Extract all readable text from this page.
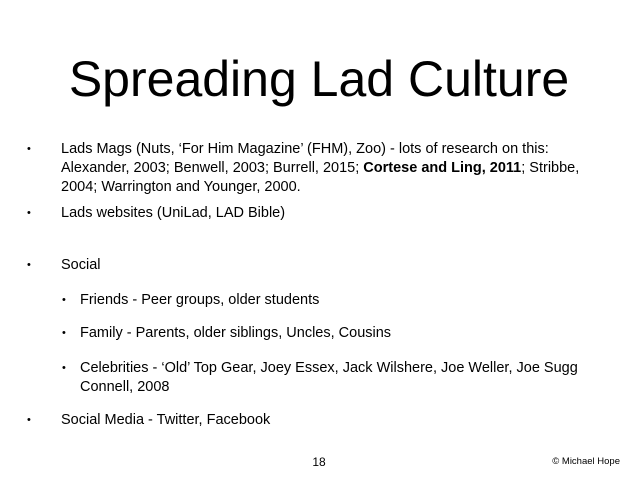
Spreading Lad Culture
• Lads Mags (Nuts, ‘For Him Magazine’ (FHM), Zoo) - lots of research on this: Alexander, 2003; Benwell, 2003; Burrell, 2015; Cortese and Ling, 2011; Stribbe, 2004; Warrington and Younger, 2000.
• Lads websites (UniLad, LAD Bible)
• Social
• Friends - Peer groups, older students
• Family - Parents, older siblings, Uncles, Cousins
• Celebrities - ‘Old’ Top Gear, Joey Essex, Jack Wilshere, Joe Weller, Joe Sugg Connell, 2008
• Social Media - Twitter, Facebook
18	© Michael Hope
